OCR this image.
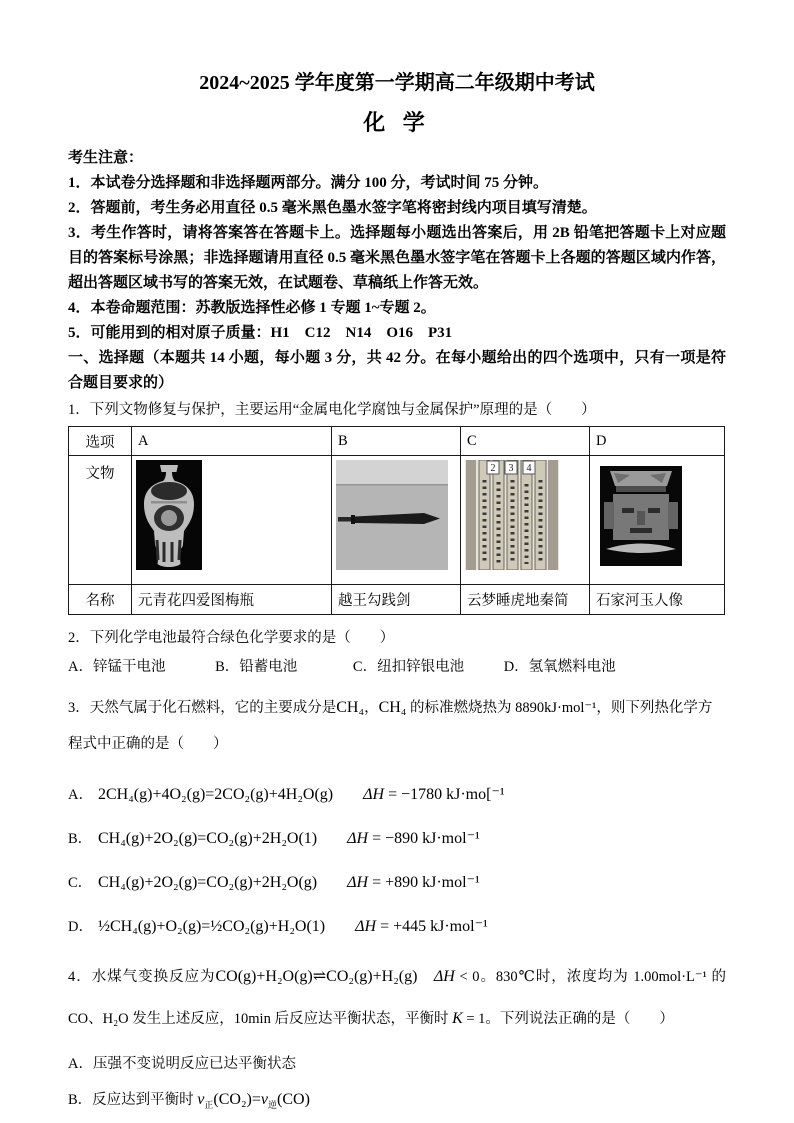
2024~2025 学年度第一学期高二年级期中考试
化 学

考生注意：

1．本试卷分选择题和非选择题两部分。满分 100 分，考试时间 75 分钟。

2．答题前，考生务必用直径 0.5 毫米黑色墨水签字笔将密封线内项目填写清楚。

3．考生作答时，请将答案答在答题卡上。选择题每小题选出答案后，用 2B 铅笔把答题卡上对应题目的答案标号涂黑；非选择题请用直径 0.5 毫米黑色墨水签字笔在答题卡上各题的答题区域内作答，超出答题区域书写的答案无效，在试题卷、草稿纸上作答无效。

4．本卷命题范围：苏教版选择性必修 1 专题 1~专题 2。

5．可能用到的相对原子质量：H1　C12　N14　O16　P31

一、选择题（本题共 14 小题，每小题 3 分，共 42 分。在每小题给出的四个选项中，只有一项是符合题目要求的）

1．下列文物修复与保护，主要运用“金属电化学腐蚀与金属保护”原理的是（　　）

选项	A	B	C	D
文物			2 3 4

名称	元青花四爱图梅瓶	越王勾践剑	云梦睡虎地秦简	石家河玉人像

2．下列化学电池最符合绿色化学要求的是（　　）

A．锌锰干电池	B．铅蓄电池	C．纽扣锌银电池	D．氢氧燃料电池

3．天然气属于化石燃料，它的主要成分是CH₄，CH₄ 的标准燃烧热为 8890kJ·mol⁻¹，则下列热化学方程式中正确的是（　　）

A． 2CH₄(g)+4O₂(g)=2CO₂(g)+4H₂O(g) ΔH = −1780 kJ·mo[⁻¹

B． CH₄(g)+2O₂(g)=CO₂(g)+2H₂O(1) ΔH = −890 kJ·mol⁻¹

C． CH₄(g)+2O₂(g)=CO₂(g)+2H₂O(g) ΔH = +890 kJ·mol⁻¹

D． ½CH₄(g)+O₂(g)=½CO₂(g)+H₂O(1) ΔH = +445 kJ·mol⁻¹

4．水煤气变换反应为CO(g)+H₂O(g)⇌CO₂(g)+H₂(g)　 ΔH < 0。830℃时，浓度均为 1.00mol·L⁻¹ 的 CO、H₂O 发生上述反应，10min 后反应达平衡状态，平衡时 K = 1。下列说法正确的是（　　）

A．压强不变说明反应已达平衡状态

B．反应达到平衡时 $v_正(CO_2)=v_逆(CO)$
